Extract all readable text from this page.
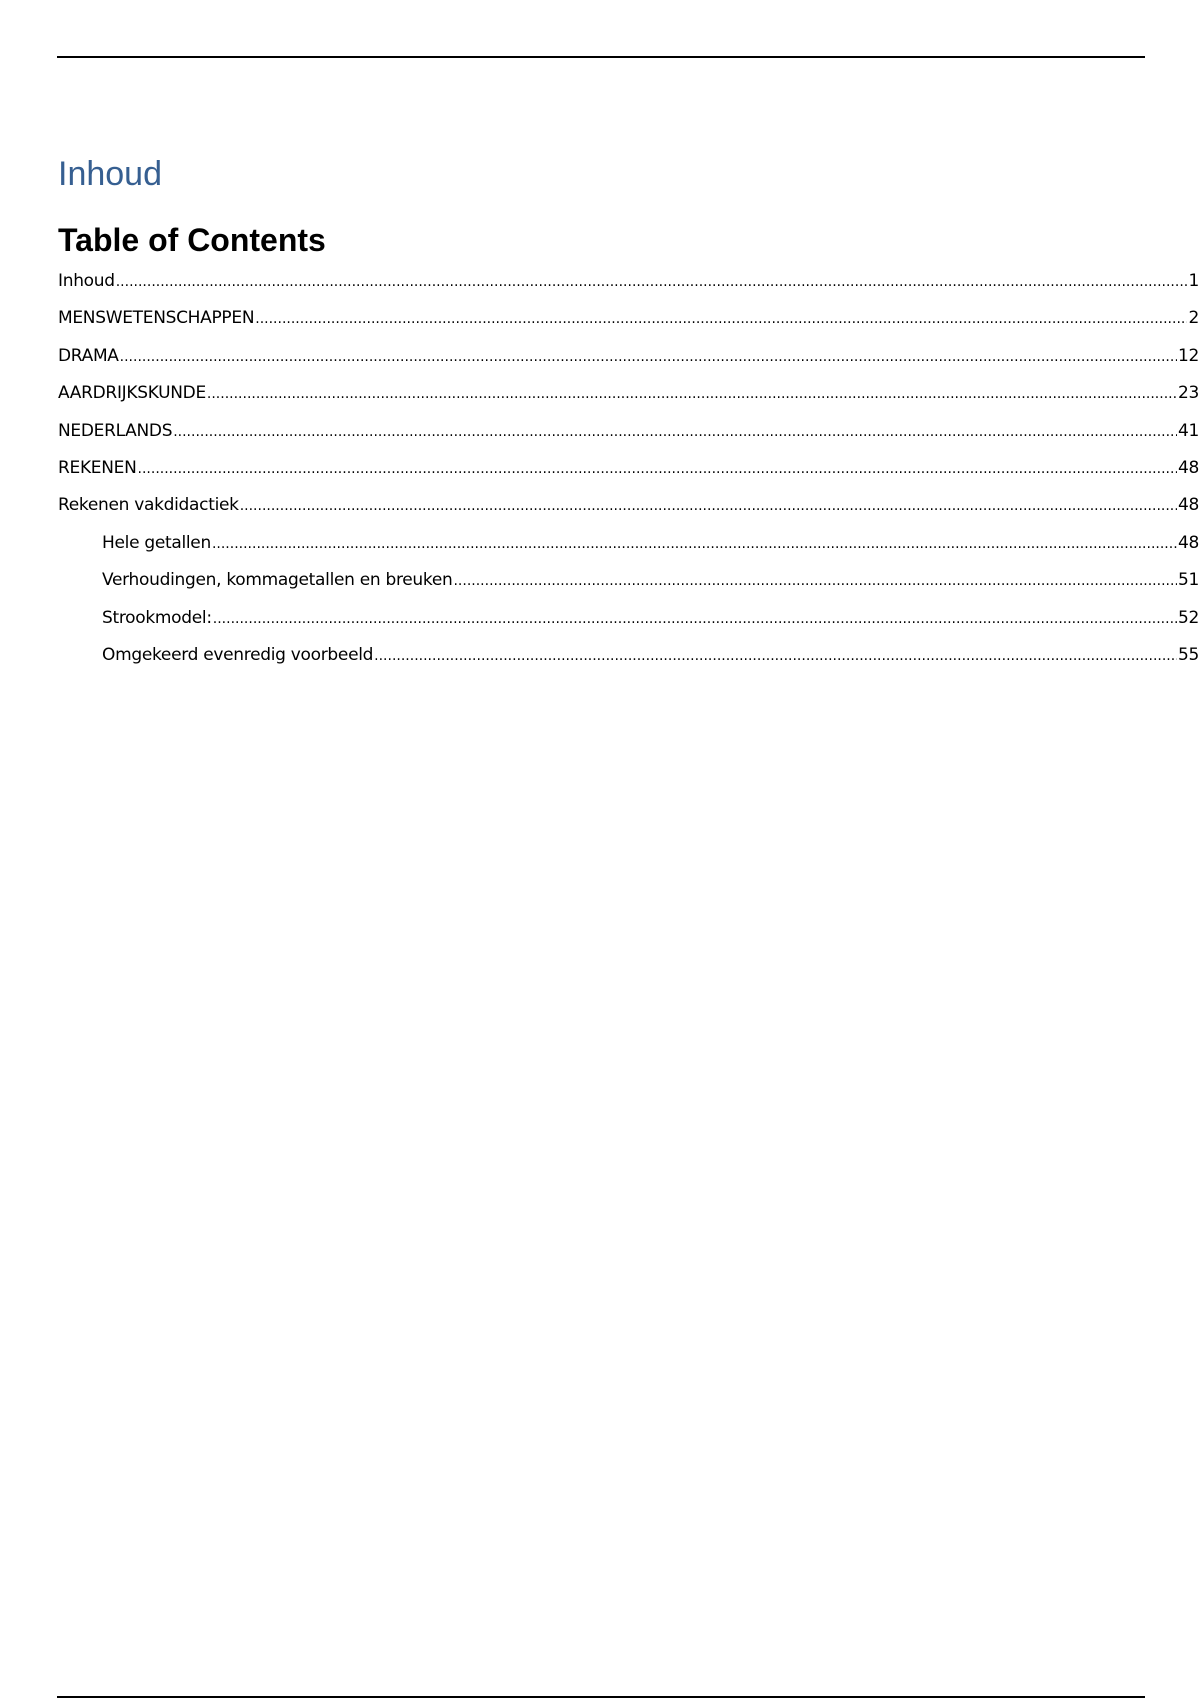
Inhoud
Table of Contents
Inhoud .....	1
MENSWETENSCHAPPEN .....	2
DRAMA .....	12
AARDRIJKSKUNDE .....	23
NEDERLANDS .....	41
REKENEN .....	48
Rekenen vakdidactiek .....	48
Hele getallen .....	48
Verhoudingen, kommagetallen en breuken .....	51
Strookmodel: .....	52
Omgekeerd evenredig voorbeeld .....	55
